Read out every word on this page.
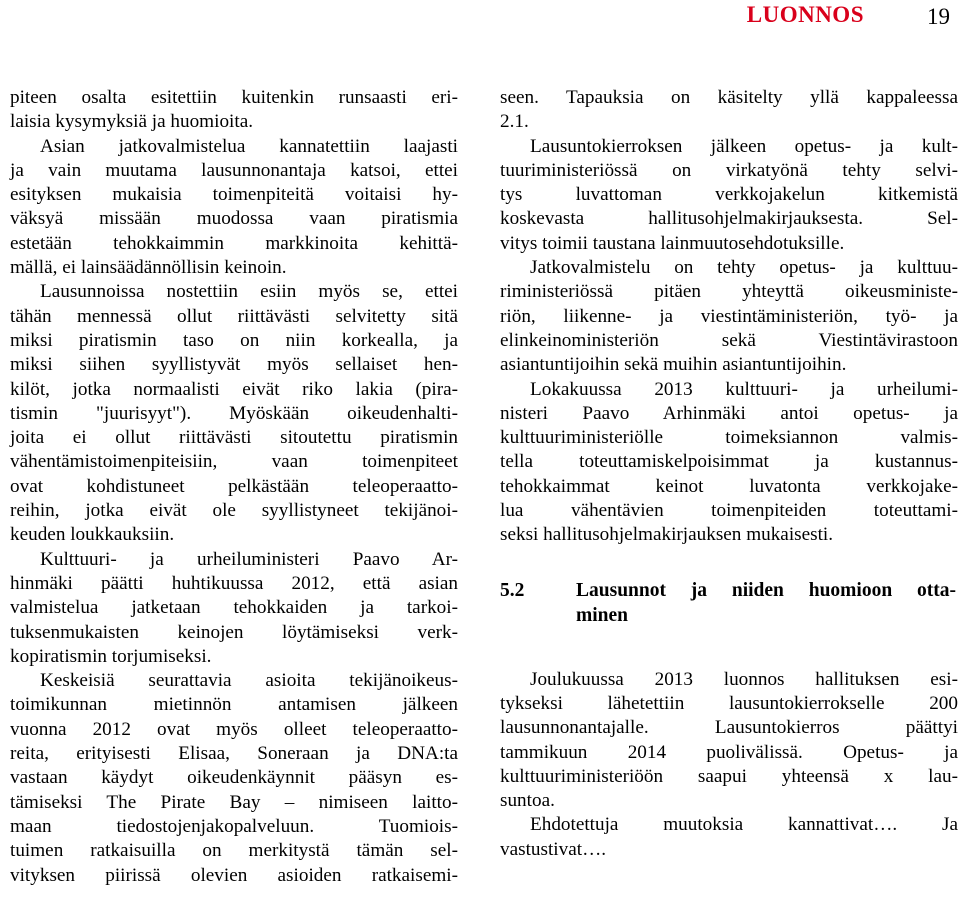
LUONNOS	19
piteen osalta esitettiin kuitenkin runsaasti eri-
laisia kysymyksiä ja huomioita.
Asian jatkovalmistelua kannatettiin laajasti
ja vain muutama lausunnonantaja katsoi, ettei
esityksen mukaisia toimenpiteitä voitaisi hy-
väksyä missään muodossa vaan piratismia
estetään tehokkaimmin markkinoita kehittä-
mällä, ei lainsäädännöllisin keinoin.
Lausunnoissa nostettiin esiin myös se, ettei
tähän mennessä ollut riittävästi selvitetty sitä
miksi piratismin taso on niin korkealla, ja
miksi siihen syyllistyvät myös sellaiset hen-
kilöt, jotka normaalisti eivät riko lakia (pira-
tismin "juurisyyt"). Myöskään oikeudenhalti-
joita ei ollut riittävästi sitoutettu piratismin
vähentämistoimenpiteisiin, vaan toimenpiteet
ovat kohdistuneet pelkästään teleoperaatto-
reihin, jotka eivät ole syyllistyneet tekijänoi-
keuden loukkauksiin.
Kulttuuri- ja urheiluministeri Paavo Ar-
hinmäki päätti huhtikuussa 2012, että asian
valmistelua jatketaan tehokkaiden ja tarkoi-
tuksenmukaisten keinojen löytämiseksi verk-
kopiratismin torjumiseksi.
Keskeisiä seurattavia asioita tekijänoikeus-
toimikunnan mietinnön antamisen jälkeen
vuonna 2012 ovat myös olleet teleoperaatto-
reita, erityisesti Elisaa, Soneraan ja DNA:ta
vastaan käydyt oikeudenkäynnit pääsyn es-
tämiseksi The Pirate Bay – nimiseen laitto-
maan tiedostojenjakopalveluun. Tuomiois-
tuimen ratkaisuilla on merkitystä tämän sel-
vityksen piirissä olevien asioiden ratkaisemi-
seen. Tapauksia on käsitelty yllä kappaleessa
2.1.
Lausuntokierroksen jälkeen opetus- ja kult-
tuuriministeriössä on virkatyönä tehty selvi-
tys luvattoman verkkojakelun kitkemistä
koskevasta hallitusohjelmakirjauksesta. Sel-
vitys toimii taustana lainmuutosehdotuksille.
Jatkovalmistelu on tehty opetus- ja kulttuu-
riministeriössä pitäen yhteyttä oikeusministe-
riön, liikenne- ja viestintäministeriön, työ- ja
elinkeinoministeriön sekä Viestintävirastoon
asiantuntijoihin sekä muihin asiantuntijoihin.
Lokakuussa 2013 kulttuuri- ja urheilumi-
nisteri Paavo Arhinmäki antoi opetus- ja
kulttuuriministeriölle toimeksiannon valmis-
tella toteuttamiskelpoisimmat ja kustannus-
tehokkaimmat keinot luvatonta verkkojake-
lua vähentävien toimenpiteiden toteuttami-
seksi hallitusohjelmakirjauksen mukaisesti.
5.2	Lausunnot ja niiden huomioon otta-
minen
Joulukuussa 2013 luonnos hallituksen esi-
tykseksi lähetettiin lausuntokierrokselle 200
lausunnonantajalle. Lausuntokierros päättyi
tammikuun 2014 puolivälissä. Opetus- ja
kulttuuriministeriöön saapui yhteensä x lau-
suntoa.
Ehdotettuja muutoksia kannattivat…. Ja
vastustivat….
